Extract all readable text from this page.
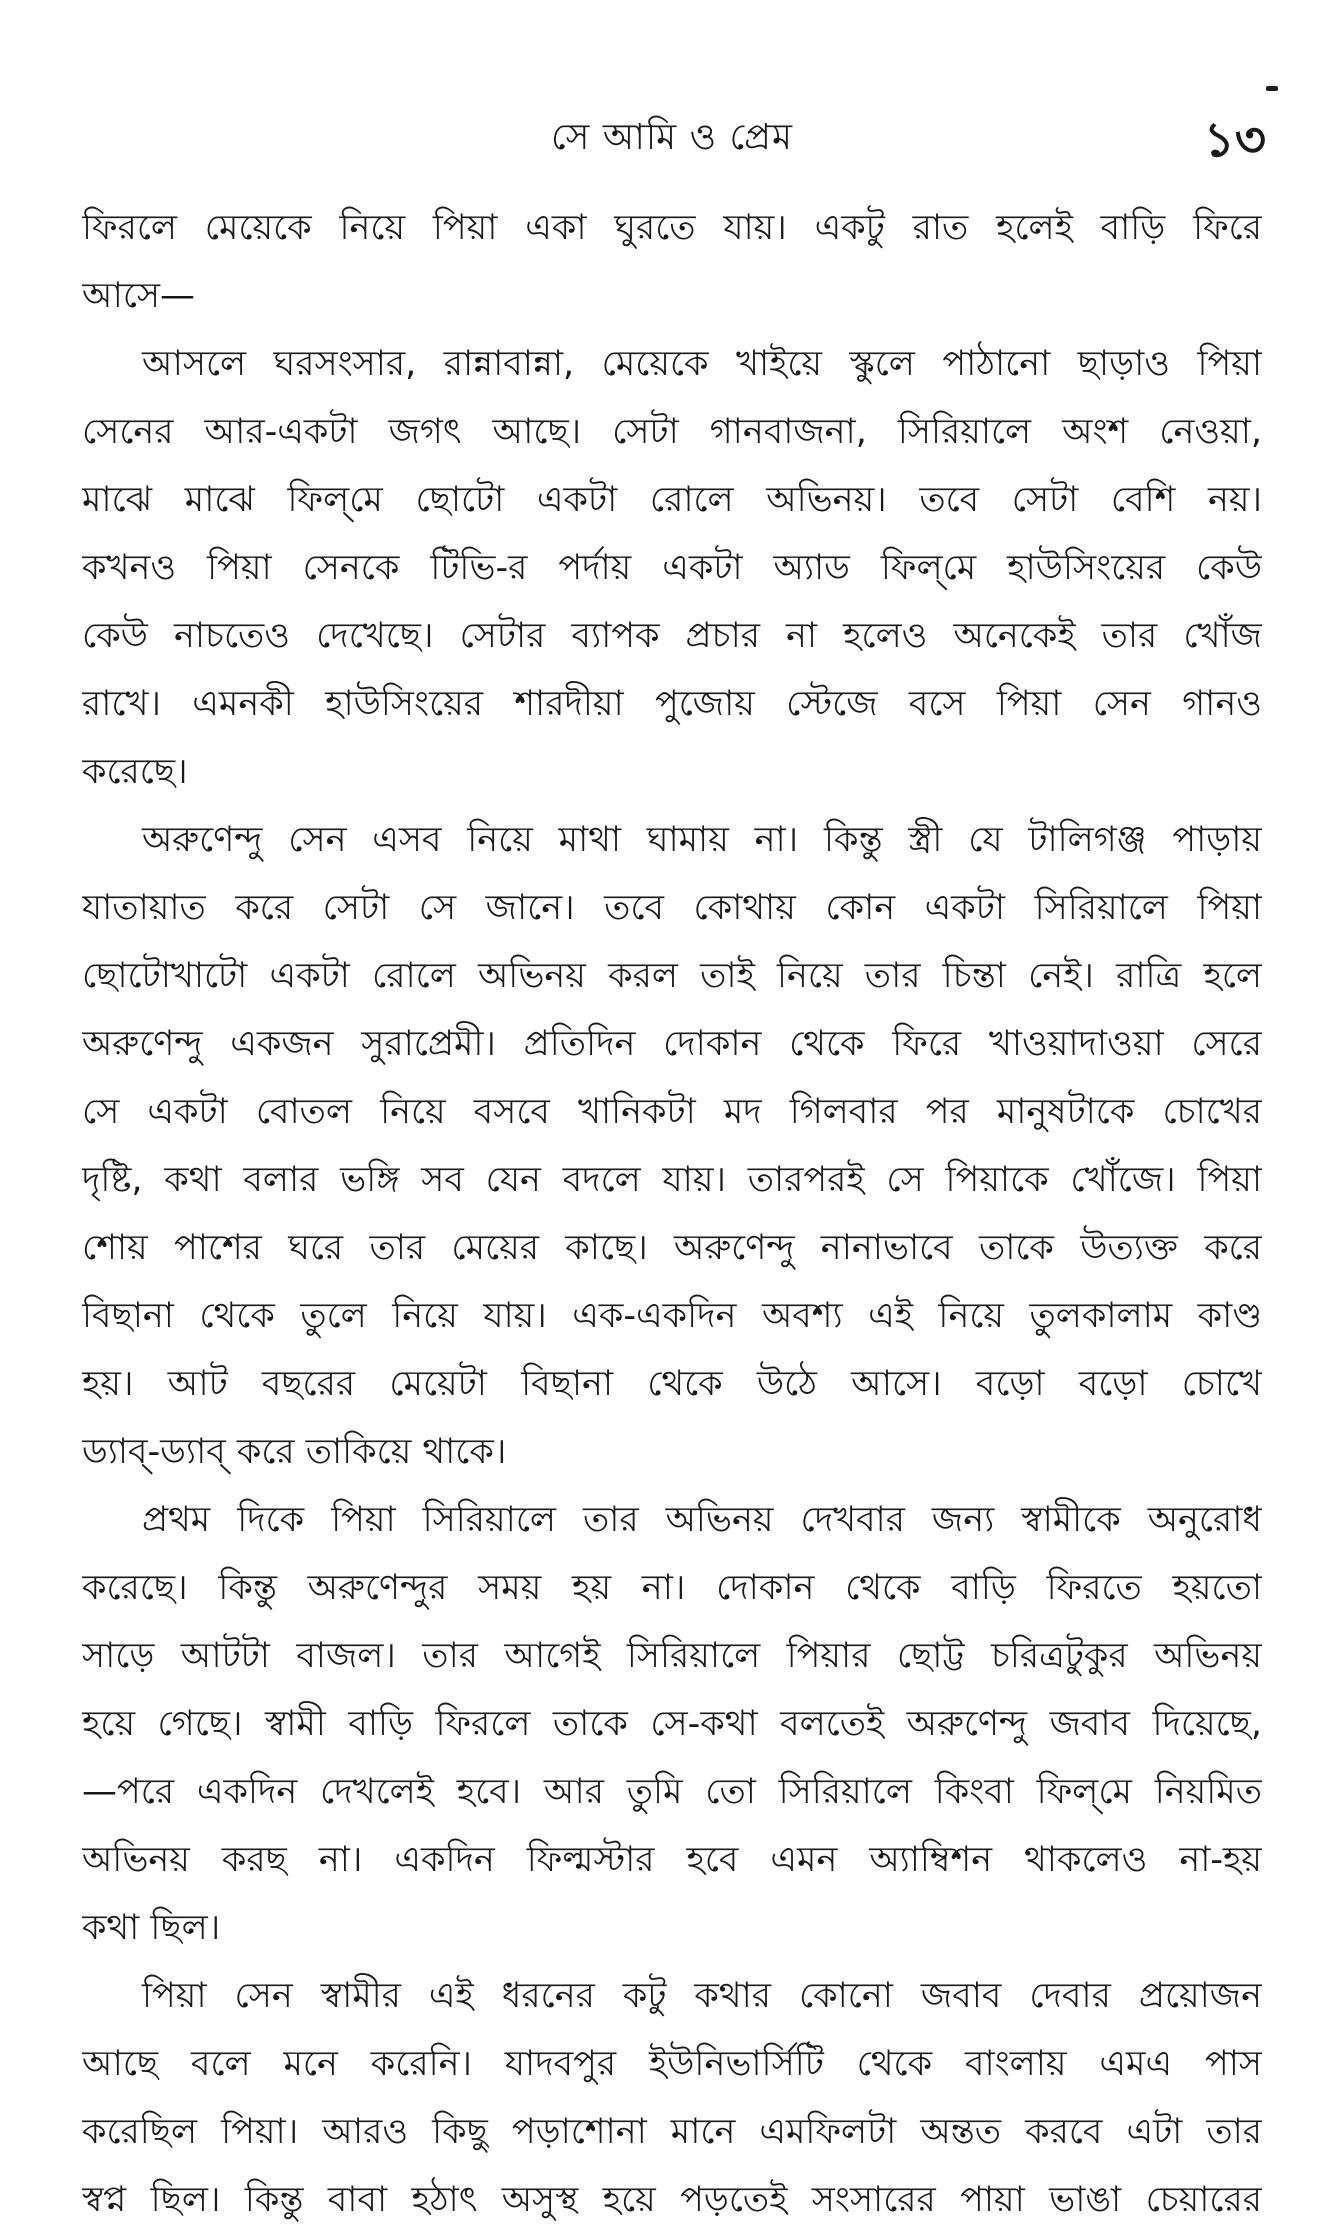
সে আমি ও প্রেম	১৩
ফিরলে মেয়েকে নিয়ে পিয়া একা ঘুরতে যায়। একটু রাত হলেই বাড়ি ফিরে
আসে—
আসলে ঘরসংসার, রান্নাবান্না, মেয়েকে খাইয়ে স্কুলে পাঠানো ছাড়াও পিয়া
সেনের আর-একটা জগৎ আছে। সেটা গানবাজনা, সিরিয়ালে অংশ নেওয়া,
মাঝে মাঝে ফিল্‌মে ছোটো একটা রোলে অভিনয়। তবে সেটা বেশি নয়।
কখনও পিয়া সেনকে টিভি-র পর্দায় একটা অ্যাড ফিল্‌মে হাউসিংয়ের কেউ
কেউ নাচতেও দেখেছে। সেটার ব্যাপক প্রচার না হলেও অনেকেই তার খোঁজ
রাখে। এমনকী হাউসিংয়ের শারদীয়া পুজোয় স্টেজে বসে পিয়া সেন গানও
করেছে।
অরুণেন্দু সেন এসব নিয়ে মাথা ঘামায় না। কিন্তু স্ত্রী যে টালিগঞ্জ পাড়ায়
যাতায়াত করে সেটা সে জানে। তবে কোথায় কোন একটা সিরিয়ালে পিয়া
ছোটোখাটো একটা রোলে অভিনয় করল তাই নিয়ে তার চিন্তা নেই। রাত্রি হলে
অরুণেন্দু একজন সুরাপ্রেমী। প্রতিদিন দোকান থেকে ফিরে খাওয়াদাওয়া সেরে
সে একটা বোতল নিয়ে বসবে খানিকটা মদ গিলবার পর মানুষটাকে চোখের
দৃষ্টি, কথা বলার ভঙ্গি সব যেন বদলে যায়। তারপরই সে পিয়াকে খোঁজে। পিয়া
শোয় পাশের ঘরে তার মেয়ের কাছে। অরুণেন্দু নানাভাবে তাকে উত্যক্ত করে
বিছানা থেকে তুলে নিয়ে যায়। এক-একদিন অবশ্য এই নিয়ে তুলকালাম কাণ্ড
হয়। আট বছরের মেয়েটা বিছানা থেকে উঠে আসে। বড়ো বড়ো চোখে
ড্যাব্‌-ড্যাব্‌ করে তাকিয়ে থাকে।
প্রথম দিকে পিয়া সিরিয়ালে তার অভিনয় দেখবার জন্য স্বামীকে অনুরোধ
করেছে। কিন্তু অরুণেন্দুর সময় হয় না। দোকান থেকে বাড়ি ফিরতে হয়তো
সাড়ে আটটা বাজল। তার আগেই সিরিয়ালে পিয়ার ছোট্ট চরিত্রটুকুর অভিনয়
হয়ে গেছে। স্বামী বাড়ি ফিরলে তাকে সে-কথা বলতেই অরুণেন্দু জবাব দিয়েছে,
—পরে একদিন দেখলেই হবে। আর তুমি তো সিরিয়ালে কিংবা ফিল্‌মে নিয়মিত
অভিনয় করছ না। একদিন ফিল্মস্টার হবে এমন অ্যাম্বিশন থাকলেও না-হয়
কথা ছিল।
পিয়া সেন স্বামীর এই ধরনের কটু কথার কোনো জবাব দেবার প্রয়োজন
আছে বলে মনে করেনি। যাদবপুর ইউনিভার্সিটি থেকে বাংলায় এমএ পাস
করেছিল পিয়া। আরও কিছু পড়াশোনা মানে এমফিলটা অন্তত করবে এটা তার
স্বপ্ন ছিল। কিন্তু বাবা হঠাৎ অসুস্থ হয়ে পড়তেই সংসারের পায়া ভাঙা চেয়ারের
